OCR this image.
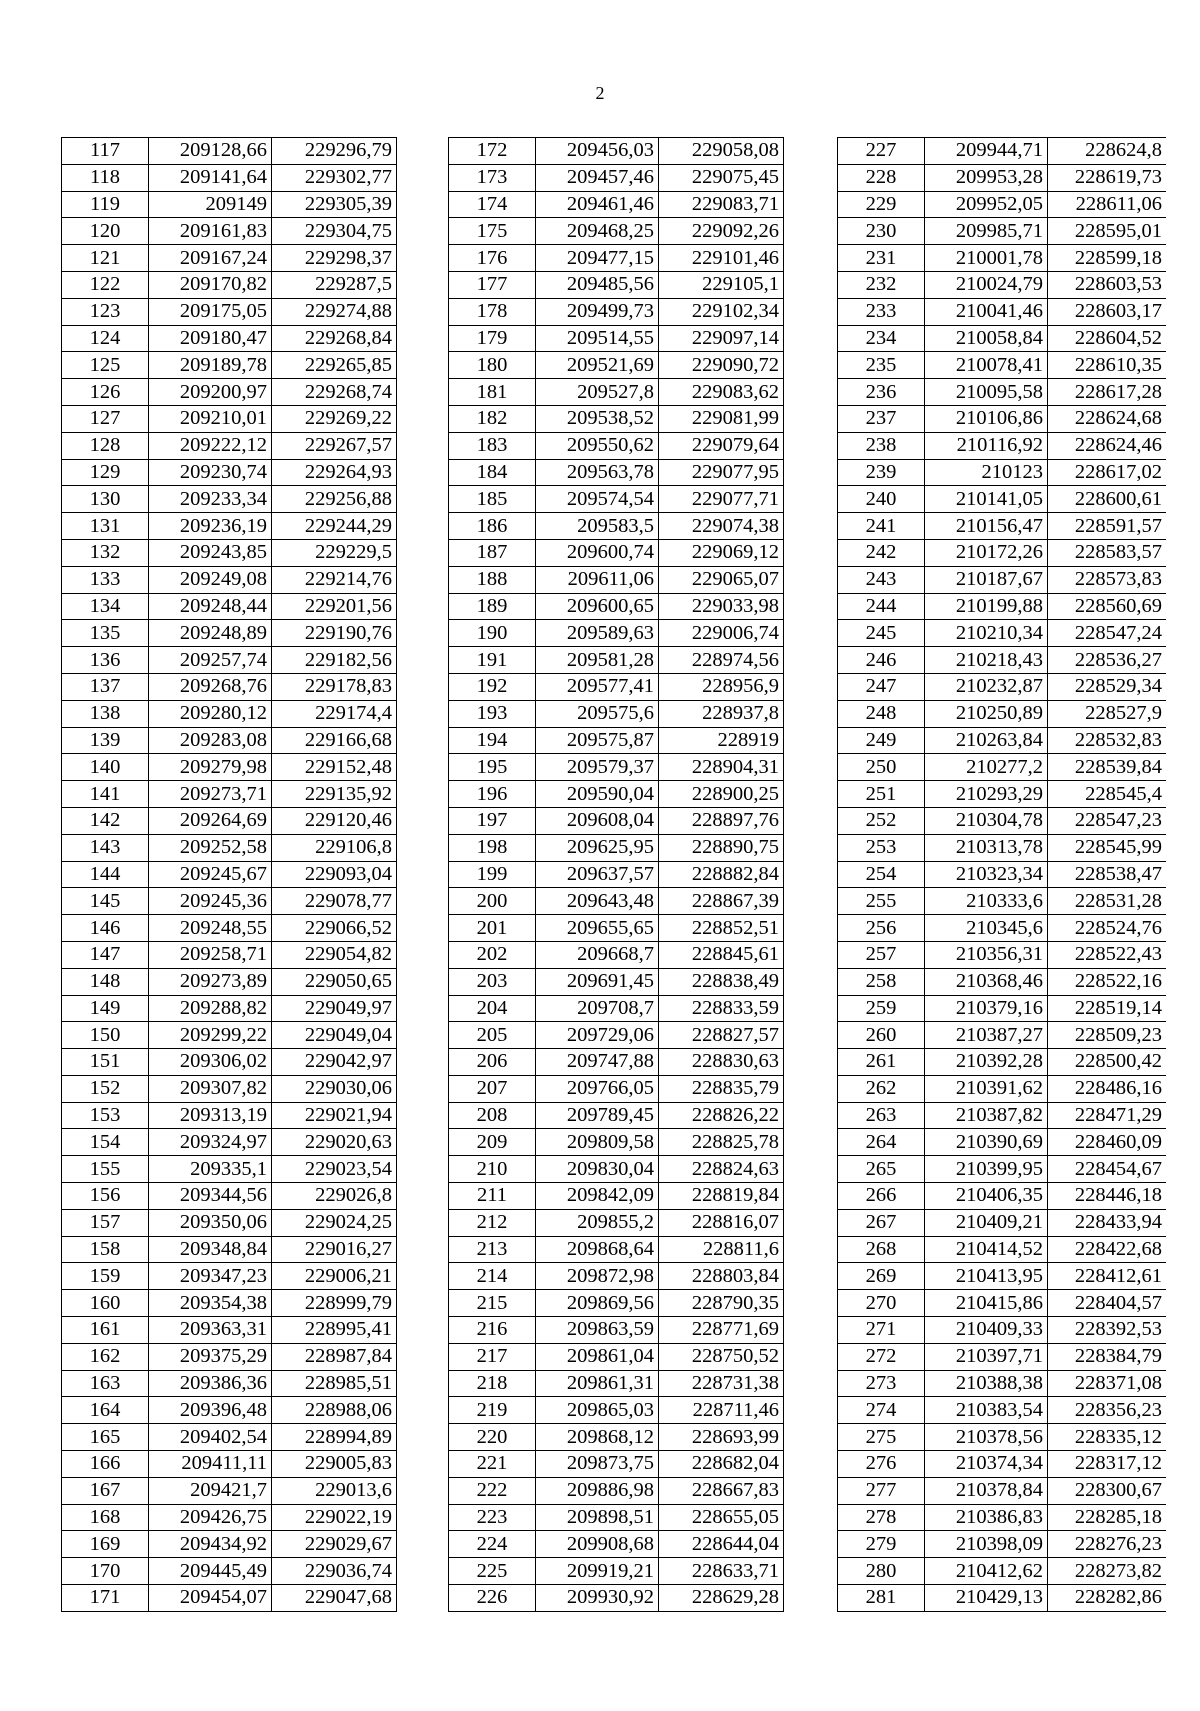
2
117	209128,66	229296,79
118	209141,64	229302,77
119	209149	229305,39
120	209161,83	229304,75
121	209167,24	229298,37
122	209170,82	229287,5
123	209175,05	229274,88
124	209180,47	229268,84
125	209189,78	229265,85
126	209200,97	229268,74
127	209210,01	229269,22
128	209222,12	229267,57
129	209230,74	229264,93
130	209233,34	229256,88
131	209236,19	229244,29
132	209243,85	229229,5
133	209249,08	229214,76
134	209248,44	229201,56
135	209248,89	229190,76
136	209257,74	229182,56
137	209268,76	229178,83
138	209280,12	229174,4
139	209283,08	229166,68
140	209279,98	229152,48
141	209273,71	229135,92
142	209264,69	229120,46
143	209252,58	229106,8
144	209245,67	229093,04
145	209245,36	229078,77
146	209248,55	229066,52
147	209258,71	229054,82
148	209273,89	229050,65
149	209288,82	229049,97
150	209299,22	229049,04
151	209306,02	229042,97
152	209307,82	229030,06
153	209313,19	229021,94
154	209324,97	229020,63
155	209335,1	229023,54
156	209344,56	229026,8
157	209350,06	229024,25
158	209348,84	229016,27
159	209347,23	229006,21
160	209354,38	228999,79
161	209363,31	228995,41
162	209375,29	228987,84
163	209386,36	228985,51
164	209396,48	228988,06
165	209402,54	228994,89
166	209411,11	229005,83
167	209421,7	229013,6
168	209426,75	229022,19
169	209434,92	229029,67
170	209445,49	229036,74
171	209454,07	229047,68
172	209456,03	229058,08
173	209457,46	229075,45
174	209461,46	229083,71
175	209468,25	229092,26
176	209477,15	229101,46
177	209485,56	229105,1
178	209499,73	229102,34
179	209514,55	229097,14
180	209521,69	229090,72
181	209527,8	229083,62
182	209538,52	229081,99
183	209550,62	229079,64
184	209563,78	229077,95
185	209574,54	229077,71
186	209583,5	229074,38
187	209600,74	229069,12
188	209611,06	229065,07
189	209600,65	229033,98
190	209589,63	229006,74
191	209581,28	228974,56
192	209577,41	228956,9
193	209575,6	228937,8
194	209575,87	228919
195	209579,37	228904,31
196	209590,04	228900,25
197	209608,04	228897,76
198	209625,95	228890,75
199	209637,57	228882,84
200	209643,48	228867,39
201	209655,65	228852,51
202	209668,7	228845,61
203	209691,45	228838,49
204	209708,7	228833,59
205	209729,06	228827,57
206	209747,88	228830,63
207	209766,05	228835,79
208	209789,45	228826,22
209	209809,58	228825,78
210	209830,04	228824,63
211	209842,09	228819,84
212	209855,2	228816,07
213	209868,64	228811,6
214	209872,98	228803,84
215	209869,56	228790,35
216	209863,59	228771,69
217	209861,04	228750,52
218	209861,31	228731,38
219	209865,03	228711,46
220	209868,12	228693,99
221	209873,75	228682,04
222	209886,98	228667,83
223	209898,51	228655,05
224	209908,68	228644,04
225	209919,21	228633,71
226	209930,92	228629,28
227	209944,71	228624,8
228	209953,28	228619,73
229	209952,05	228611,06
230	209985,71	228595,01
231	210001,78	228599,18
232	210024,79	228603,53
233	210041,46	228603,17
234	210058,84	228604,52
235	210078,41	228610,35
236	210095,58	228617,28
237	210106,86	228624,68
238	210116,92	228624,46
239	210123	228617,02
240	210141,05	228600,61
241	210156,47	228591,57
242	210172,26	228583,57
243	210187,67	228573,83
244	210199,88	228560,69
245	210210,34	228547,24
246	210218,43	228536,27
247	210232,87	228529,34
248	210250,89	228527,9
249	210263,84	228532,83
250	210277,2	228539,84
251	210293,29	228545,4
252	210304,78	228547,23
253	210313,78	228545,99
254	210323,34	228538,47
255	210333,6	228531,28
256	210345,6	228524,76
257	210356,31	228522,43
258	210368,46	228522,16
259	210379,16	228519,14
260	210387,27	228509,23
261	210392,28	228500,42
262	210391,62	228486,16
263	210387,82	228471,29
264	210390,69	228460,09
265	210399,95	228454,67
266	210406,35	228446,18
267	210409,21	228433,94
268	210414,52	228422,68
269	210413,95	228412,61
270	210415,86	228404,57
271	210409,33	228392,53
272	210397,71	228384,79
273	210388,38	228371,08
274	210383,54	228356,23
275	210378,56	228335,12
276	210374,34	228317,12
277	210378,84	228300,67
278	210386,83	228285,18
279	210398,09	228276,23
280	210412,62	228273,82
281	210429,13	228282,86
